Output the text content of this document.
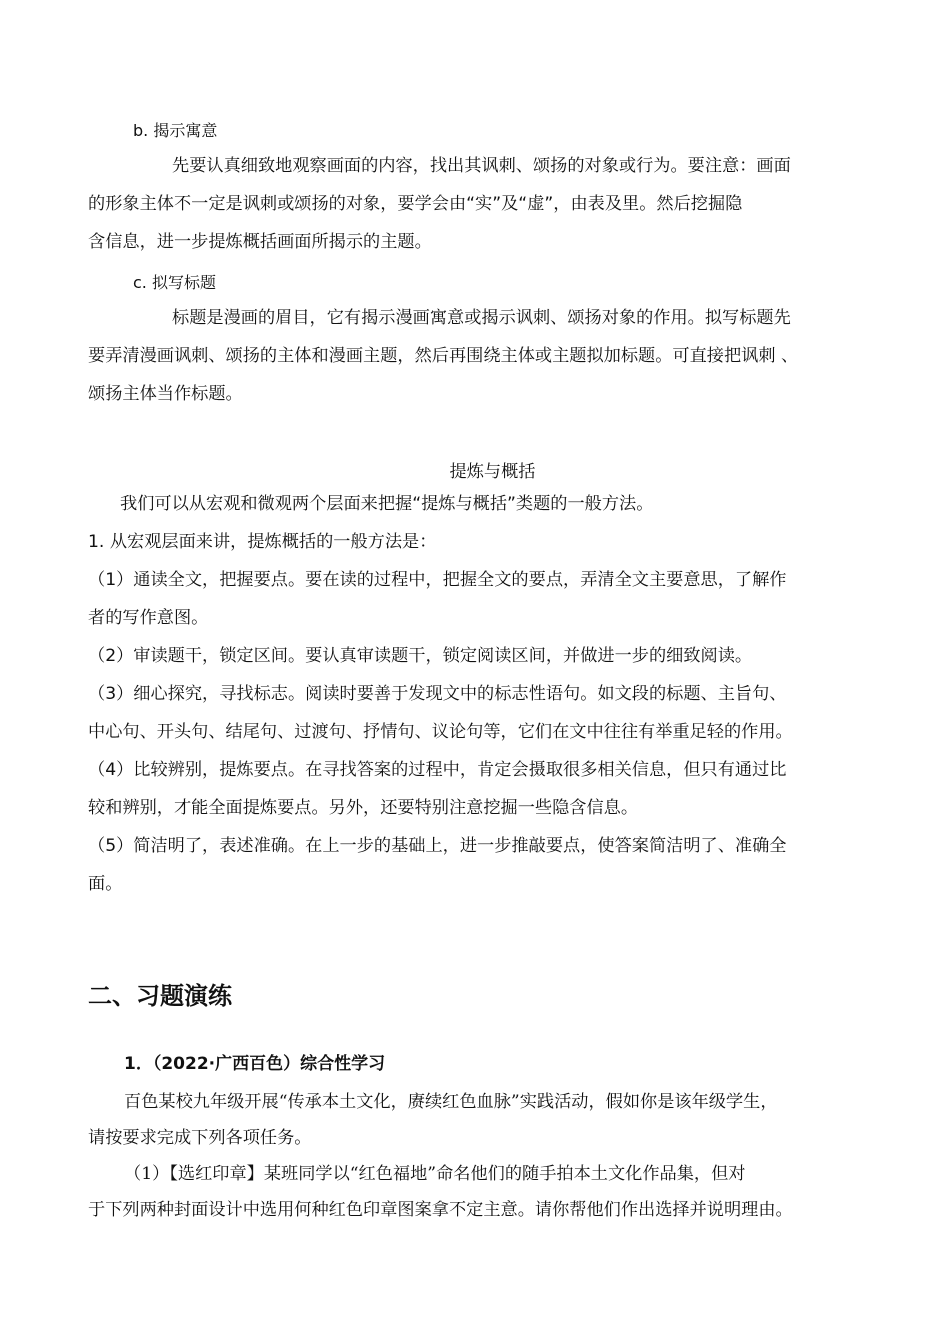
b. 揭示寓意
先要认真细致地观察画面的内容，找出其讽刺、颂扬的对象或行为。要注意：画面
的形象主体不一定是讽刺或颂扬的对象，要学会由“实”及“虚”，由表及里。然后挖掘隐
含信息，进一步提炼概括画面所揭示的主题。
c. 拟写标题
标题是漫画的眉目，它有揭示漫画寓意或揭示讽刺、颂扬对象的作用。拟写标题先
要弄清漫画讽刺、颂扬的主体和漫画主题，然后再围绕主体或主题拟加标题。可直接把讽刺 、
颂扬主体当作标题。
提炼与概括
我们可以从宏观和微观两个层面来把握“提炼与概括”类题的一般方法。
1. 从宏观层面来讲，提炼概括的一般方法是：
（1）通读全文，把握要点。要在读的过程中，把握全文的要点，弄清全文主要意思，了解作
者的写作意图。
（2）审读题干，锁定区间。要认真审读题干，锁定阅读区间，并做进一步的细致阅读。
（3）细心探究，寻找标志。阅读时要善于发现文中的标志性语句。如文段的标题、主旨句、
中心句、开头句、结尾句、过渡句、抒情句、议论句等，它们在文中往往有举重足轻的作用。
（4）比较辨别，提炼要点。在寻找答案的过程中，肯定会摄取很多相关信息，但只有通过比
较和辨别，才能全面提炼要点。另外，还要特别注意挖掘一些隐含信息。
（5）简洁明了，表述准确。在上一步的基础上，进一步推敲要点，使答案简洁明了、准确全
面。
二、习题演练
1．（2022·广西百色）综合性学习
百色某校九年级开展“传承本土文化，赓续红色血脉”实践活动，假如你是该年级学生，
请按要求完成下列各项任务。
（1）【选红印章】某班同学以“红色福地”命名他们的随手拍本土文化作品集，但对
于下列两种封面设计中选用何种红色印章图案拿不定主意。请你帮他们作出选择并说明理由。
